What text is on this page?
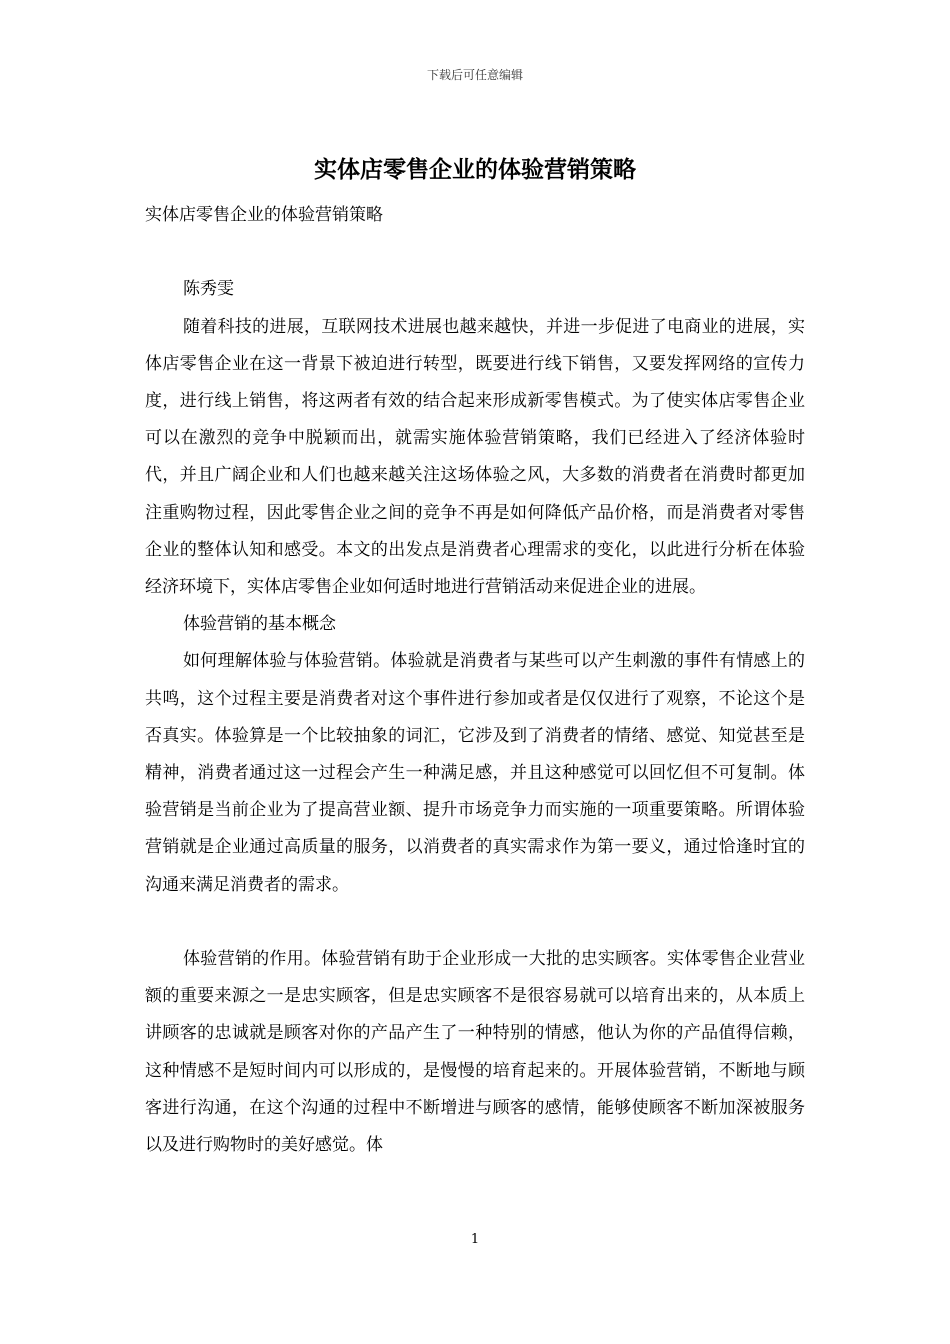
下载后可任意编辑
实体店零售企业的体验营销策略

实体店零售企业的体验营销策略

陈秀雯

随着科技的进展，互联网技术进展也越来越快，并进一步促进了电商业的进展，实体店零售企业在这一背景下被迫进行转型，既要进行线下销售，又要发挥网络的宣传力度，进行线上销售，将这两者有效的结合起来形成新零售模式。为了使实体店零售企业可以在激烈的竞争中脱颖而出，就需实施体验营销策略，我们已经进入了经济体验时代，并且广阔企业和人们也越来越关注这场体验之风，大多数的消费者在消费时都更加注重购物过程，因此零售企业之间的竞争不再是如何降低产品价格，而是消费者对零售企业的整体认知和感受。本文的出发点是消费者心理需求的变化，以此进行分析在体验经济环境下，实体店零售企业如何适时地进行营销活动来促进企业的进展。

体验营销的基本概念

如何理解体验与体验营销。体验就是消费者与某些可以产生刺激的事件有情感上的共鸣，这个过程主要是消费者对这个事件进行参加或者是仅仅进行了观察，不论这个是否真实。体验算是一个比较抽象的词汇，它涉及到了消费者的情绪、感觉、知觉甚至是精神，消费者通过这一过程会产生一种满足感，并且这种感觉可以回忆但不可复制。体验营销是当前企业为了提高营业额、提升市场竞争力而实施的一项重要策略。所谓体验营销就是企业通过高质量的服务，以消费者的真实需求作为第一要义，通过恰逢时宜的沟通来满足消费者的需求。

体验营销的作用。体验营销有助于企业形成一大批的忠实顾客。实体零售企业营业额的重要来源之一是忠实顾客，但是忠实顾客不是很容易就可以培育出来的，从本质上讲顾客的忠诚就是顾客对你的产品产生了一种特别的情感，他认为你的产品值得信赖，这种情感不是短时间内可以形成的，是慢慢的培育起来的。开展体验营销，不断地与顾客进行沟通，在这个沟通的过程中不断增进与顾客的感情，能够使顾客不断加深被服务以及进行购物时的美好感觉。体

1
